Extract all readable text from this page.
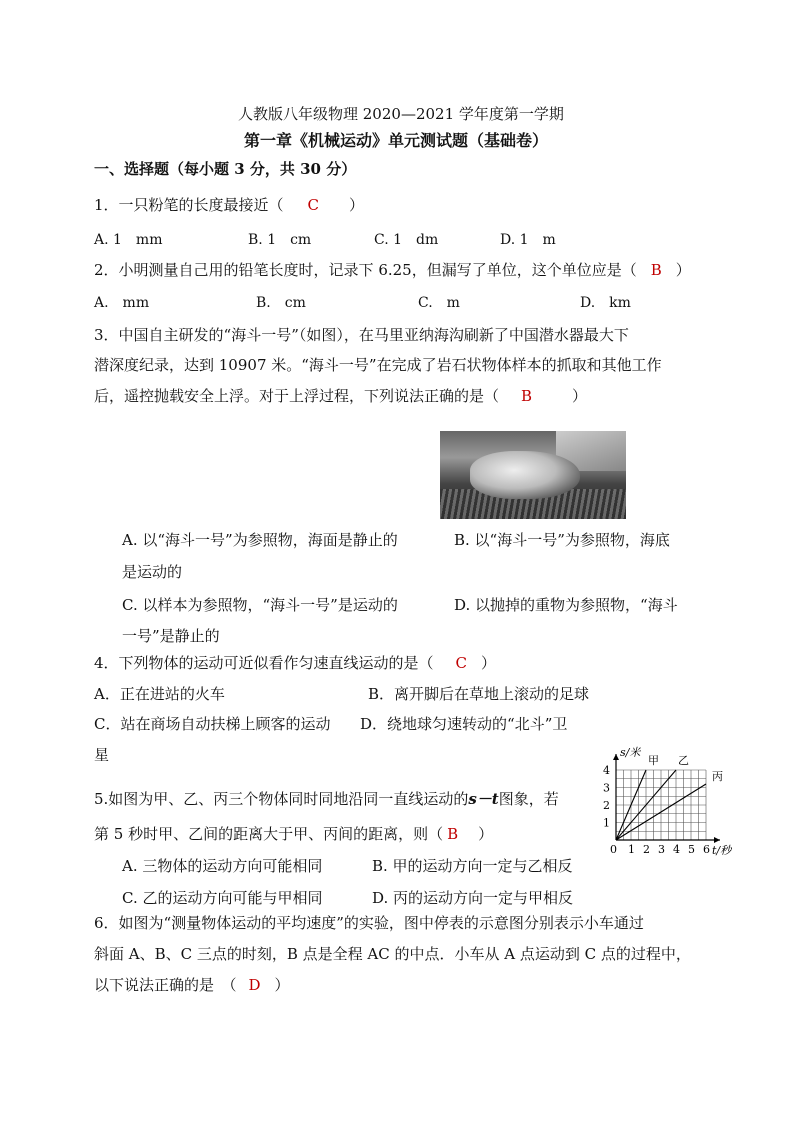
人教版八年级物理 2020—2021 学年度第一学期
第一章《机械运动》单元测试题（基础卷）
一、选择题（每小题 3 分，共 30 分）
1．一只粉笔的长度最接近（ C ）
A. 1　mm	B. 1　cm	C. 1　dm	D. 1　m
2．小明测量自己用的铅笔长度时，记录下 6.25，但漏写了单位，这个单位应是（ B ）
A.　mm	B.　cm	C.　m	D.　km
3．中国自主研发的“海斗一号”（如图），在马里亚纳海沟刷新了中国潜水器最大下
潜深度纪录，达到 10907 米。“海斗一号”在完成了岩石状物体样本的抓取和其他工作
后，遥控抛载安全上浮。对于上浮过程，下列说法正确的是（ B	）
A. 以“海斗一号”为参照物，海面是静止的	B. 以“海斗一号”为参照物，海底
是运动的
C. 以样本为参照物，“海斗一号”是运动的	D. 以抛掉的重物为参照物，“海斗
一号”是静止的
4．下列物体的运动可近似看作匀速直线运动的是（ C ）
A．正在进站的火车	B．离开脚后在草地上滚动的足球
C．站在商场自动扶梯上顾客的运动 D．绕地球匀速转动的“北斗”卫
星
5.如图为甲、乙、丙三个物体同时同地沿同一直线运动的s－t图象，若
第 5 秒时甲、乙间的距离大于甲、丙间的距离，则（ B ）
A. 三物体的运动方向可能相同	B. 甲的运动方向一定与乙相反
C. 乙的运动方向可能与甲相同	D. 丙的运动方向一定与甲相反
0 1 2 3 4 5 6
1
2
3
4
s/米
t/秒
甲 乙
丙
6．如图为“测量物体运动的平均速度”的实验，图中停表的示意图分别表示小车通过
斜面 A、B、C 三点的时刻，B 点是全程 AC 的中点．小车从 A 点运动到 C 点的过程中，
以下说法正确的是　（ D ）
